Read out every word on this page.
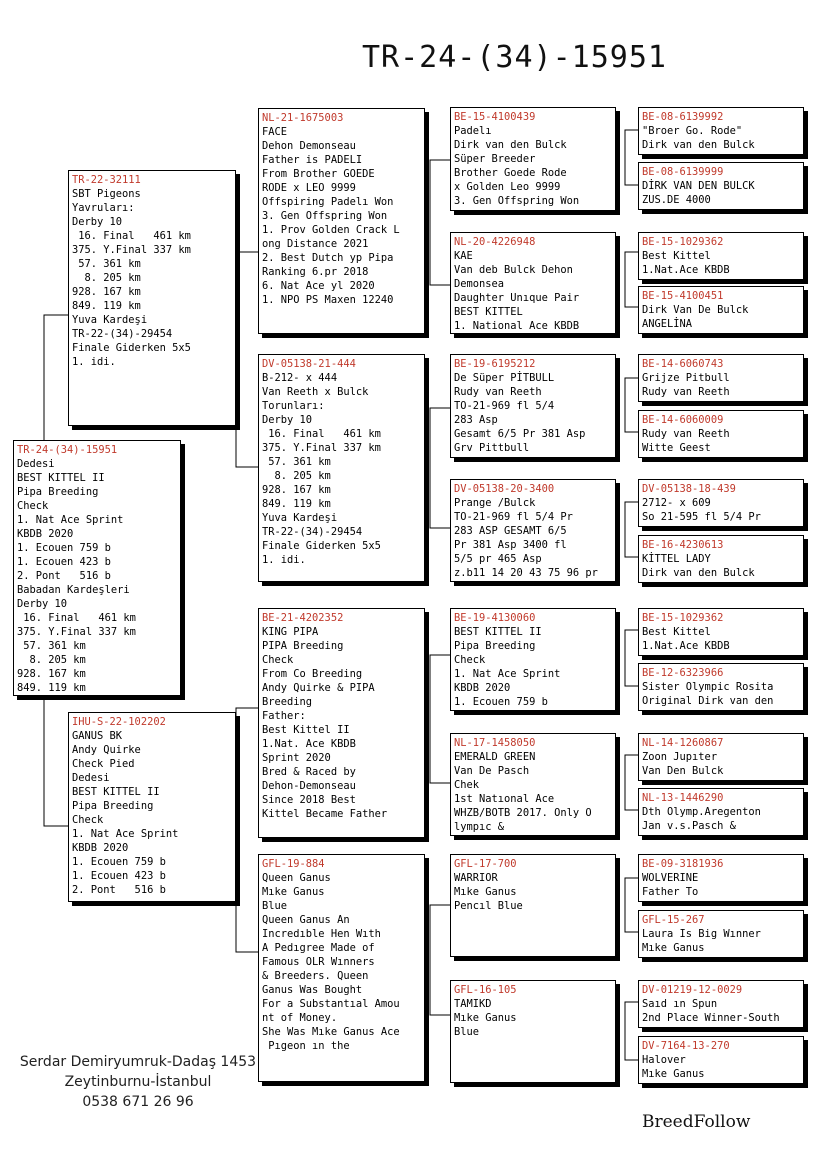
TR-24-(34)-15951
TR-24-(34)-15951
Dedesi
BEST KITTEL II
Pipa Breeding
Check
1. Nat Ace Sprint
KBDB 2020
1. Ecouen 759 b
1. Ecouen 423 b
2. Pont   516 b
Babadan Kardeşleri
Derby 10
16. Final   461 km
375. Y.Final 337 km
57. 361 km
8. 205 km
928. 167 km
849. 119 km
TR-22-32111
SBT Pigeons
Yavruları:
Derby 10
16. Final   461 km
375. Y.Final 337 km
57. 361 km
8. 205 km
928. 167 km
849. 119 km
Yuva Kardeşi
TR-22-(34)-29454
Finale Giderken 5x5
1. idi.
IHU-S-22-102202
GANUS BK
Andy Quirke
Check Pied
Dedesi
BEST KITTEL II
Pipa Breeding
Check
1. Nat Ace Sprint
KBDB 2020
1. Ecouen 759 b
1. Ecouen 423 b
2. Pont   516 b
NL-21-1675003
FACE
Dehon Demonseau
Father is PADELI
From Brother GOEDE
RODE x LEO 9999
Offspiring Padelı Won
3. Gen Offspring Won
1. Prov Golden Crack L
ong Distance 2021
2. Best Dutch yp Pipa
Ranking 6.pr 2018
6. Nat Ace yl 2020
1. NPO PS Maxen 12240
DV-05138-21-444
B-212- x 444
Van Reeth x Bulck
Torunları:
Derby 10
16. Final   461 km
375. Y.Final 337 km
57. 361 km
8. 205 km
928. 167 km
849. 119 km
Yuva Kardeşi
TR-22-(34)-29454
Finale Giderken 5x5
1. idi.
BE-21-4202352
KING PIPA
PIPA Breeding
Check
From Co Breeding
Andy Quirke & PIPA
Breeding
Father:
Best Kittel II
1.Nat. Ace KBDB
Sprint 2020
Bred & Raced by
Dehon-Demonseau
Since 2018 Best
Kittel Became Father
GFL-19-884
Queen Ganus
Mıke Ganus
Blue
Queen Ganus An
Incredıble Hen Wıth
A Pedıgree Made of
Famous OLR Wınners
& Breeders. Queen
Ganus Was Bought
For a Substantıal Amou
nt of Money.
She Was Mıke Ganus Ace
Pıgeon ın the
BE-15-4100439
Padelı
Dirk van den Bulck
Süper Breeder
Brother Goede Rode
x Golden Leo 9999
3. Gen Offspring Won
NL-20-4226948
KAE
Van deb Bulck Dehon
Demonsea
Daughter Unıque Pair
BEST KITTEL
1. National Ace KBDB
BE-19-6195212
De Süper PİTBULL
Rudy van Reeth
TO-21-969 fl 5/4
283 Asp
Gesamt 6/5 Pr 381 Asp
Grv Pittbull
DV-05138-20-3400
Prange /Bulck
TO-21-969 fl 5/4 Pr
283 ASP GESAMT 6/5
Pr 381 Asp 3400 fl
5/5 pr 465 Asp
z.b11 14 20 43 75 96 pr
BE-19-4130060
BEST KITTEL II
Pipa Breeding
Check
1. Nat Ace Sprint
KBDB 2020
1. Ecouen 759 b
NL-17-1458050
EMERALD GREEN
Van De Pasch
Chek
1st Natıonal Ace
WHZB/BOTB 2017. Only O
lympıc &
GFL-17-700
WARRIOR
Mıke Ganus
Pencıl Blue
GFL-16-105
TAMIKD
Mıke Ganus
Blue
BE-08-6139992
"Broer Go. Rode"
Dirk van den Bulck
BE-08-6139999
DİRK VAN DEN BULCK
ZUS.DE 4000
BE-15-1029362
Best Kittel
1.Nat.Ace KBDB
BE-15-4100451
Dirk Van De Bulck
ANGELİNA
BE-14-6060743
Grijze Pitbull
Rudy van Reeth
BE-14-6060009
Rudy van Reeth
Witte Geest
DV-05138-18-439
2712- x 609
So 21-595 fl 5/4 Pr
BE-16-4230613
KİTTEL LADY
Dirk van den Bulck
BE-15-1029362
Best Kittel
1.Nat.Ace KBDB
BE-12-6323966
Sister Olympic Rosita
Original Dirk van den
NL-14-1260867
Zoon Jupıter
Van Den Bulck
NL-13-1446290
Dth Olymp.Aregenton
Jan v.s.Pasch &
BE-09-3181936
WOLVERINE
Father To
GFL-15-267
Laura Is Big Wınner
Mıke Ganus
DV-01219-12-0029
Saıd ın Spun
2nd Place Winner-South
DV-7164-13-270
Halover
Mıke Ganus
Serdar Demiryumruk-Dadaş 1453
Zeytinburnu-İstanbul
0538 671 26 96
BreedFollow
